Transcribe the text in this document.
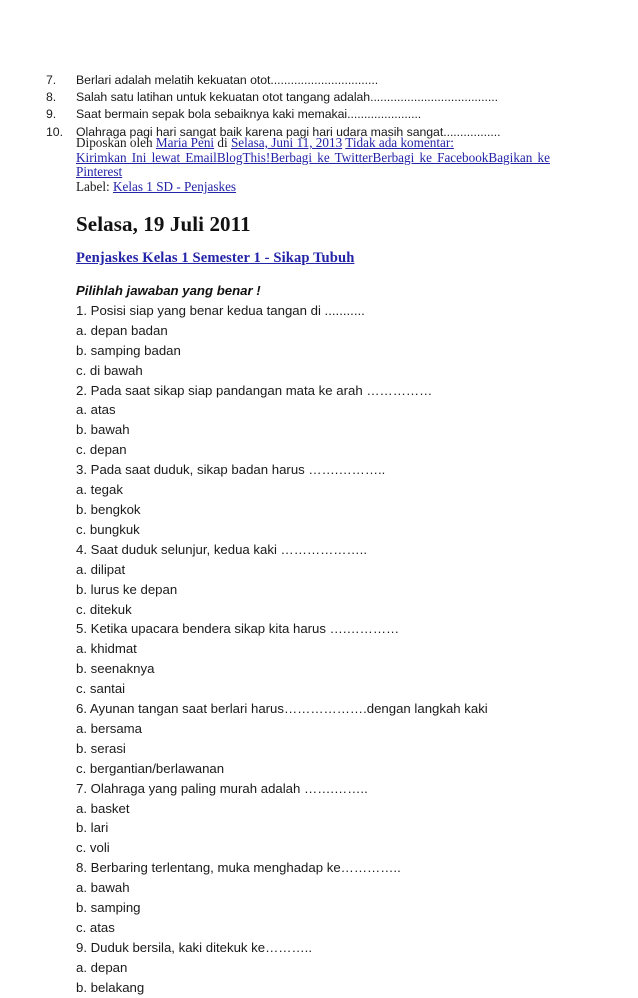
7.	Berlari adalah melatih kekuatan otot................................
8.	Salah satu latihan untuk kekuatan otot tangang adalah......................................
9.	Saat bermain sepak bola sebaiknya kaki memakai......................
10.	Olahraga pagi hari sangat baik karena pagi hari udara masih sangat.................
Diposkan oleh Maria Peni di Selasa, Juni 11, 2013 Tidak ada komentar:
Kirimkan Ini lewat EmailBlogThis!Berbagi ke TwitterBerbagi ke FacebookBagikan ke Pinterest
Label: Kelas 1 SD - Penjaskes
Selasa, 19 Juli 2011
Penjaskes Kelas 1 Semester 1 - Sikap Tubuh
Pilihlah jawaban yang benar !
1. Posisi siap yang benar kedua tangan di ...........
a. depan badan
b. samping badan
c. di bawah
2. Pada saat sikap siap pandangan mata ke arah ……………
a. atas
b. bawah
c. depan
3. Pada saat duduk, sikap badan harus …….………..
a. tegak
b. bengkok
c. bungkuk
4. Saat duduk selunjur, kedua kaki ………………..
a. dilipat
b. lurus ke depan
c. ditekuk
5. Ketika upacara bendera sikap kita harus ….…………
a. khidmat
b. seenaknya
c. santai
6. Ayunan tangan saat berlari harus……………….dengan langkah kaki
a. bersama
b. serasi
c. bergantian/berlawanan
7. Olahraga yang paling murah adalah …….……..
a. basket
b. lari
c. voli
8. Berbaring terlentang, muka menghadap ke…………..
a. bawah
b. samping
c. atas
9. Duduk bersila, kaki ditekuk ke………..
a. depan
b. belakang
